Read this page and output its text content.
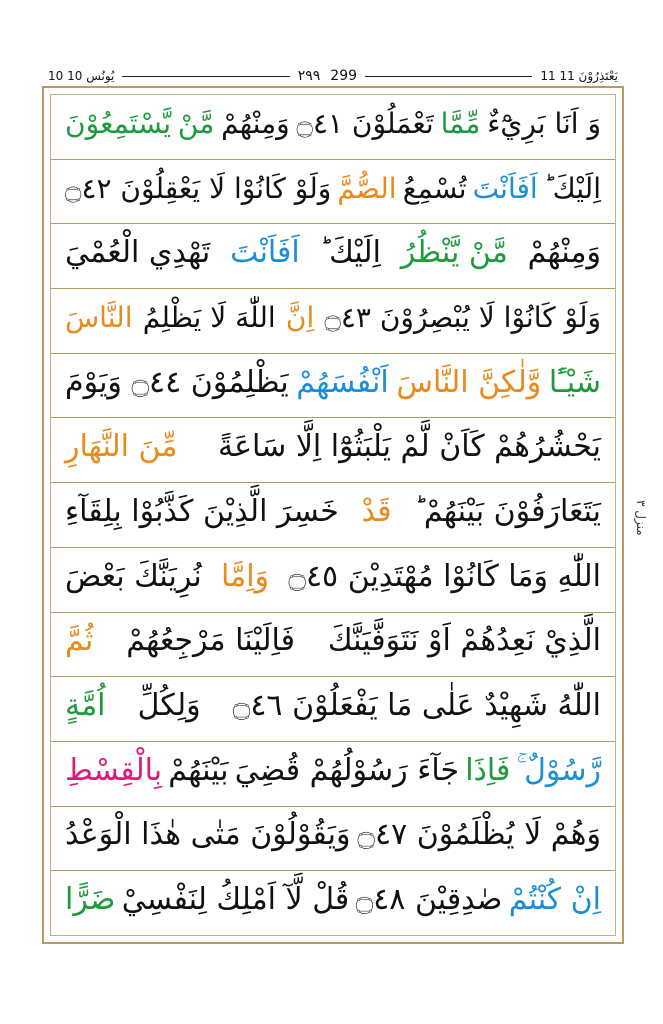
10 يُونُس 10	٢٩٩ 299	11 يَعْتَذِرُوْنَ 11
وَ اَنَا بَرِيْٓءٌ
مِّمَّا
تَعْمَلُوْنَ ۝٤١
وَمِنْهُمْ
مَّنْ
يَّسْتَمِعُوْنَ
اِلَيْكَ ؕ
اَفَاَنْتَ
تُسْمِعُ
الصُّمَّ
وَلَوْ كَانُوْا لَا يَعْقِلُوْنَ ۝٤٢
وَمِنْهُمْ
مَّنْ يَّنْظُرُ
اِلَيْكَ ؕ
اَفَاَنْتَ
تَهْدِي الْعُمْيَ
وَلَوْ كَانُوْا لَا يُبْصِرُوْنَ ۝٤٣
اِنَّ
اللّٰهَ لَا يَظْلِمُ
النَّاسَ
شَيْـًٔا
وَّلٰكِنَّ النَّاسَ
اَنْفُسَهُمْ
يَظْلِمُوْنَ ۝٤٤ وَيَوْمَ
يَحْشُرُهُمْ كَاَنْ لَّمْ يَلْبَثُوْٓا اِلَّا سَاعَةً
مِّنَ النَّهَارِ
يَتَعَارَفُوْنَ بَيْنَهُمْ ؕ
قَدْ
خَسِرَ الَّذِيْنَ كَذَّبُوْا بِلِقَآءِ
اللّٰهِ وَمَا كَانُوْا مُهْتَدِيْنَ ۝٤٥
وَاِمَّا
نُرِيَنَّكَ بَعْضَ
الَّذِيْ نَعِدُهُمْ اَوْ نَتَوَفَّيَنَّكَ
فَاِلَيْنَا مَرْجِعُهُمْ
ثُمَّ
اللّٰهُ شَهِيْدٌ عَلٰى مَا يَفْعَلُوْنَ ۝٤٦
وَلِكُلِّ
اُمَّةٍ
رَّسُوْلٌ ۚ
فَاِذَا
جَآءَ رَسُوْلُهُمْ قُضِيَ
بَيْنَهُمْ
بِالْقِسْطِ
وَهُمْ لَا يُظْلَمُوْنَ ۝٤٧
وَيَقُوْلُوْنَ مَتٰى هٰذَا الْوَعْدُ
اِنْ كُنْتُمْ
صٰدِقِيْنَ ۝٤٨
قُلْ لَّآ اَمْلِكُ لِنَفْسِيْ
ضَرًّا
منزل ٣
